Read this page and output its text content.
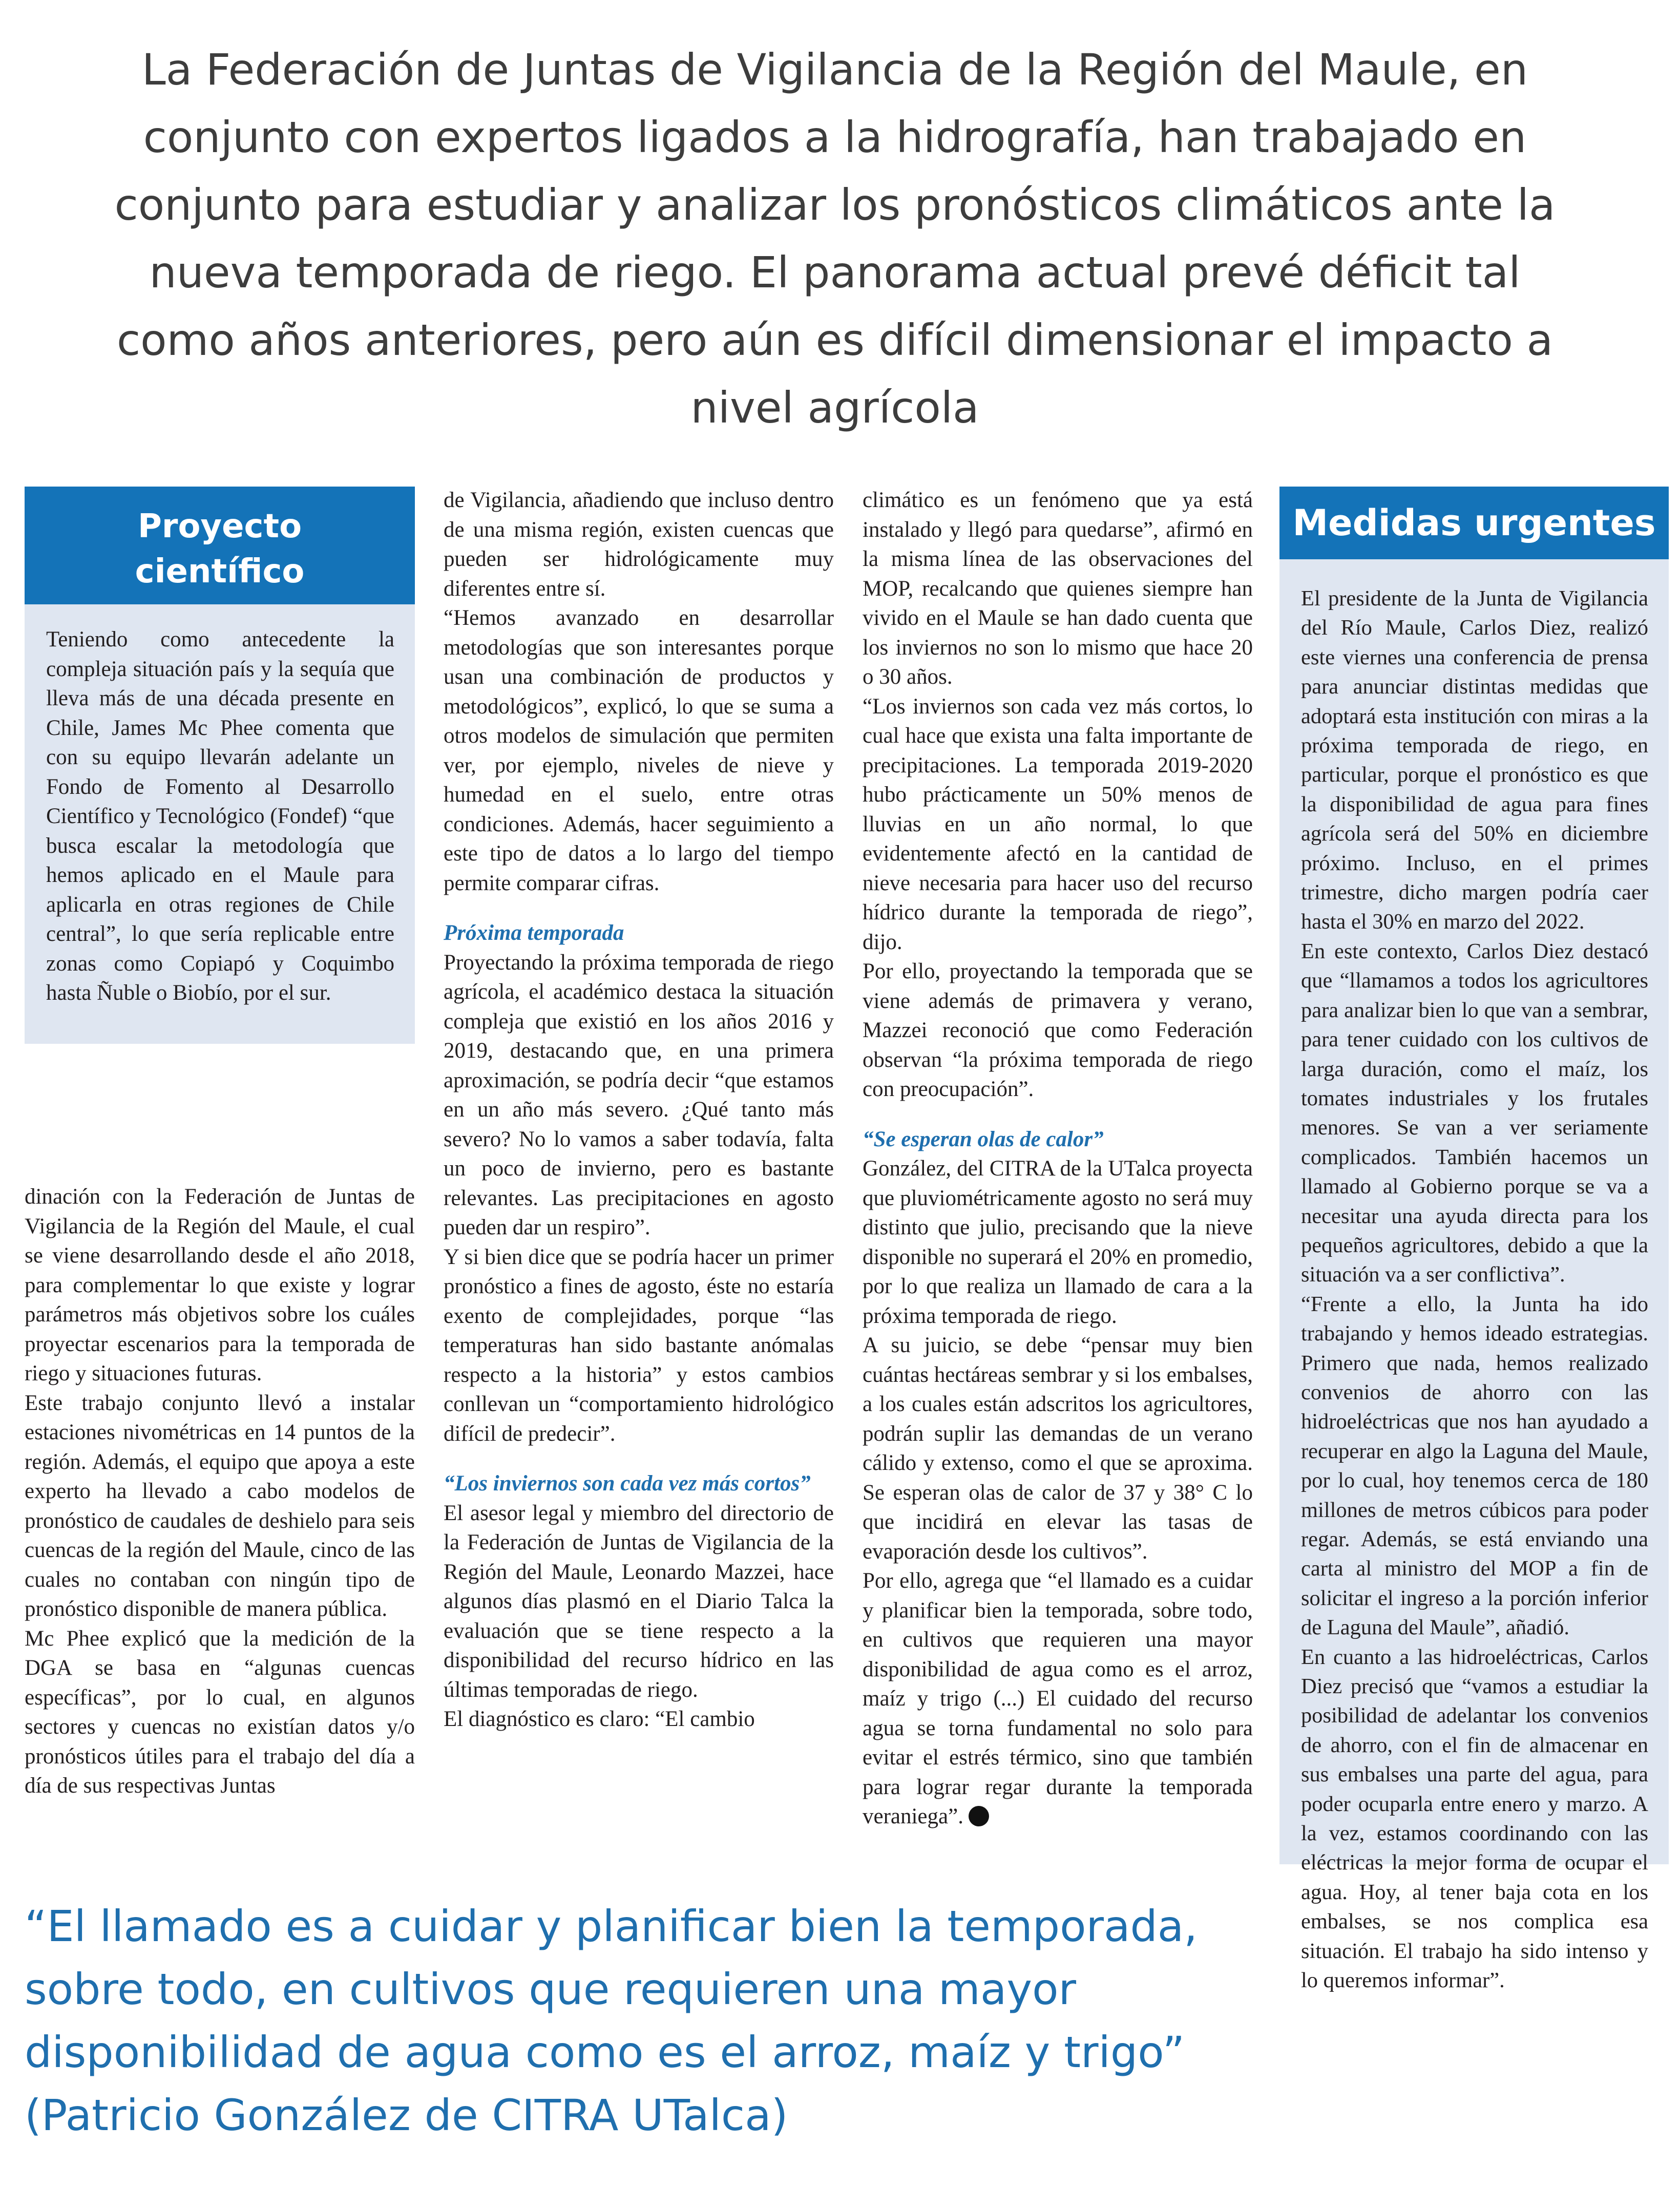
La Federación de Juntas de Vigilancia de la Región del Maule, en conjunto con expertos ligados a la hidrografía, han trabajado en conjunto para estudiar y analizar los pronósticos climáticos ante la nueva temporada de riego. El panorama actual prevé déficit tal como años anteriores, pero aún es difícil dimensionar el impacto a nivel agrícola

Proyecto científico

Teniendo como antecedente la compleja situación país y la sequía que lleva más de una década presente en Chile, James Mc Phee comenta que con su equipo llevarán adelante un Fondo de Fomento al Desarrollo Científico y Tecnológico (Fondef) “que busca escalar la metodología que hemos aplicado en el Maule para aplicarla en otras regiones de Chile central”, lo que sería replicable entre zonas como Copiapó y Coquimbo hasta Ñuble o Biobío, por el sur.

dinación con la Federación de Juntas de Vigilancia de la Región del Maule, el cual se viene desarrollando desde el año 2018, para complementar lo que existe y lograr parámetros más objetivos sobre los cuáles proyectar escenarios para la temporada de riego y situaciones futuras.

Este trabajo conjunto llevó a instalar estaciones nivométricas en 14 puntos de la región. Además, el equipo que apoya a este experto ha llevado a cabo modelos de pronóstico de caudales de deshielo para seis cuencas de la región del Maule, cinco de las cuales no contaban con ningún tipo de pronóstico disponible de manera pública.

Mc Phee explicó que la medición de la DGA se basa en “algunas cuencas específicas”, por lo cual, en algunos sectores y cuencas no existían datos y/o pronósticos útiles para el trabajo del día a día de sus respectivas Juntas

de Vigilancia, añadiendo que incluso dentro de una misma región, existen cuencas que pueden ser hidrológicamente muy diferentes entre sí.

“Hemos avanzado en desarrollar metodologías que son interesantes porque usan una combinación de productos y metodológicos”, explicó, lo que se suma a otros modelos de simulación que permiten ver, por ejemplo, niveles de nieve y humedad en el suelo, entre otras condiciones. Además, hacer seguimiento a este tipo de datos a lo largo del tiempo permite comparar cifras.

Próxima temporada

Proyectando la próxima temporada de riego agrícola, el académico destaca la situación compleja que existió en los años 2016 y 2019, destacando que, en una primera aproximación, se podría decir “que estamos en un año más severo. ¿Qué tanto más severo? No lo vamos a saber todavía, falta un poco de invierno, pero es bastante relevantes. Las precipitaciones en agosto pueden dar un respiro”.

Y si bien dice que se podría hacer un primer pronóstico a fines de agosto, éste no estaría exento de complejidades, porque “las temperaturas han sido bastante anómalas respecto a la historia” y estos cambios conllevan un “comportamiento hidrológico difícil de predecir”.

“Los inviernos son cada vez más cortos”

El asesor legal y miembro del directorio de la Federación de Juntas de Vigilancia de la Región del Maule, Leonardo Mazzei, hace algunos días plasmó en el Diario Talca la evaluación que se tiene respecto a la disponibilidad del recurso hídrico en las últimas temporadas de riego.

El diagnóstico es claro: “El cambio

climático es un fenómeno que ya está instalado y llegó para quedarse”, afirmó en la misma línea de las observaciones del MOP, recalcando que quienes siempre han vivido en el Maule se han dado cuenta que los inviernos no son lo mismo que hace 20 o 30 años.

“Los inviernos son cada vez más cortos, lo cual hace que exista una falta importante de precipitaciones. La temporada 2019-2020 hubo prácticamente un 50% menos de lluvias en un año normal, lo que evidentemente afectó en la cantidad de nieve necesaria para hacer uso del recurso hídrico durante la temporada de riego”, dijo.

Por ello, proyectando la temporada que se viene además de primavera y verano, Mazzei reconoció que como Federación observan “la próxima temporada de riego con preocupación”.

“Se esperan olas de calor”

González, del CITRA de la UTalca proyecta que pluviométricamente agosto no será muy distinto que julio, precisando que la nieve disponible no superará el 20% en promedio, por lo que realiza un llamado de cara a la próxima temporada de riego.

A su juicio, se debe “pensar muy bien cuántas hectáreas sembrar y si los embalses, a los cuales están adscritos los agricultores, podrán suplir las demandas de un verano cálido y extenso, como el que se aproxima. Se esperan olas de calor de 37 y 38° C lo que incidirá en elevar las tasas de evaporación desde los cultivos”.

Por ello, agrega que “el llamado es a cuidar y planificar bien la temporada, sobre todo, en cultivos que requieren una mayor disponibilidad de agua como es el arroz, maíz y trigo (...) El cuidado del recurso agua se torna fundamental no solo para evitar el estrés térmico, sino que también para lograr regar durante la temporada veraniega”.

Medidas urgentes

El presidente de la Junta de Vigilancia del Río Maule, Carlos Diez, realizó este viernes una conferencia de prensa para anunciar distintas medidas que adoptará esta institución con miras a la próxima temporada de riego, en particular, porque el pronóstico es que la disponibilidad de agua para fines agrícola será del 50% en diciembre próximo. Incluso, en el primes trimestre, dicho margen podría caer hasta el 30% en marzo del 2022.

En este contexto, Carlos Diez destacó que “llamamos a todos los agricultores para analizar bien lo que van a sembrar, para tener cuidado con los cultivos de larga duración, como el maíz, los tomates industriales y los frutales menores. Se van a ver seriamente complicados. También hacemos un llamado al Gobierno porque se va a necesitar una ayuda directa para los pequeños agricultores, debido a que la situación va a ser conflictiva”.

“Frente a ello, la Junta ha ido trabajando y hemos ideado estrategias. Primero que nada, hemos realizado convenios de ahorro con las hidroeléctricas que nos han ayudado a recuperar en algo la Laguna del Maule, por lo cual, hoy tenemos cerca de 180 millones de metros cúbicos para poder regar. Además, se está enviando una carta al ministro del MOP a fin de solicitar el ingreso a la porción inferior de Laguna del Maule”, añadió.

En cuanto a las hidroeléctricas, Carlos Diez precisó que “vamos a estudiar la posibilidad de adelantar los convenios de ahorro, con el fin de almacenar en sus embalses una parte del agua, para poder ocuparla entre enero y marzo. A la vez, estamos coordinando con las eléctricas la mejor forma de ocupar el agua. Hoy, al tener baja cota en los embalses, se nos complica esa situación. El trabajo ha sido intenso y lo queremos informar”.

“El llamado es a cuidar y planificar bien la temporada, sobre todo, en cultivos que requieren una mayor disponibilidad de agua como es el arroz, maíz y trigo” (Patricio González de CITRA UTalca)
